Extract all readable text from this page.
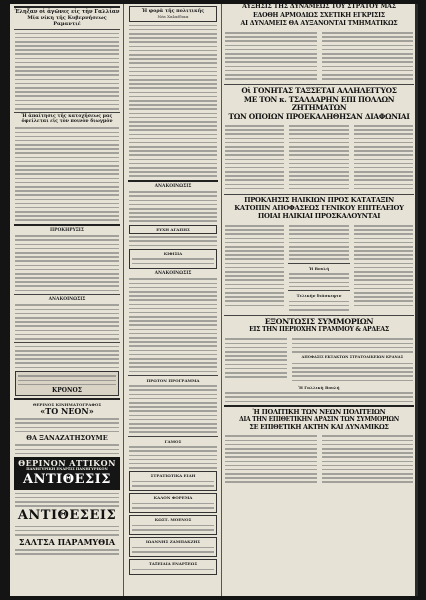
Έληξαν οἱ ἀγῶνες εἰς τὴν Γαλλίαν
Μία νίκη τῆς Κυβερνήσεως Ραμαντιέ
Ἡ ἀπαίτησις τῆς κατοχῆσεως μας ὀφείλεται εἰς τὸν ποινὸν διωγμόν
ΠΡΟΚΗΡΥΞΙΣ
ΑΝΑΚΟΙΝΩΣΙΣ
ΚΡΟΝΟΣ
ΘΕΡΙΝΟΣ ΚΙΝΗΜΑΤΟΓΡΑΦΟΣ
«ΤΟ ΝΕΟΝ»
ΘΑ ΞΑΝΑΖΑΤΗΣΟΥΜΕ
ΘΕΡΙΝΟΝ ΑΤΤΙΚΟΝ
ΠΑΝΗΓΥΡΙΚΗ ΕΝΑΡΞΙΣ ΠΑΝΗΓΥΡΙΚΟΝ
ΑΝΤΙΘΕΣΙΣ
ΑΝΤΙΘΕΣΕΙΣ
ΣΑΛΤΣΑ ΠΑΡΑΜΥΘΙΑ
Ἡ φορὰ τῆς πολιτικῆς
Νέα Χαλκίδικα
ΑΝΑΚΟΙΝΩΣΙΣ
ΕΥΧΗ ΑΓΑΠΗΣ
ΚΙΦΙΣΙΑ
ΑΝΑΚΟΙΝΩΣΙΣ
ΠΡΩΤΟΝ ΠΡΟΓΡΑΜΜΑ
ΓΑΜΟΣ
ΣΤΡΑΤΙΩΤΙΚΑ ΕΙΔΗ
ΚΑΛΟΝ ΦΟΡΕΜΑ
ΚΩΣΤ. ΜΟΕΝΟΣ
ΙΩΑΝΝΗΣ ΖΑΜΠΑΚΖΗΣ
ΤΑΞΕΙΔΙΑ ΕΝΑΡΞΕΩΣ
ΑΥΞΗΣΙΣ ΤΗΣ ΔΥΝΑΜΕΩΣ ΤΟΥ ΣΤΡΑΤΟΥ ΜΑΣ
ΕΔΟΘΗ ΑΡΜΟΔΙΩΣ ΣΧΕΤΙΚΗ ΕΓΚΡΙΣΙΣ
ΑΙ ΔΥΝΑΜΕΙΣ ΘΑ ΑΥΞΑΝΟΝΤΑΙ ΤΜΗΜΑΤΙΚΩΣ
Οἱ ΓΟΝΗΤΑΣ ΤΑΞΣΕΤΑΙ ΑΛΛΗΛΕΓΓΥΟΣ
ΜΕ ΤΟΝ κ. ΤΣΑΛΔΑΡΗΝ ΕΠΙ ΠΟΛΛΩΝ ΖΗΤΗΜΑΤΩΝ
ΤΩΝ ΟΠΟΙΩΝ ΠΡΟΕΚΑΛΗΘΗΣΑΝ ΔΙΑΦΩΝΙΑΙ
ΠΡΟΚΛΗΣΙΣ ΗΛΙΚΙΩΝ ΠΡΟΣ ΚΑΤΑΤΑΞΙΝ
ΚΑΤΟΠΙΝ ΑΠΟΦΑΣΕΩΣ ΓΕΝΙΚΟΥ ΕΠΙΤΕΛΕΙΟΥ
ΠΟΙΑΙ ΗΛΙΚΙΑΙ ΠΡΟΣΚΑΛΟΥΝΤΑΙ
Ἡ Βουλή
Τελικὴν διάσκεψιν
ΕΞΟΝΤΩΣΙΣ ΣΥΜΜΟΡΙΩΝ
ΕΙΣ ΤΗΝ ΠΕΡΙΟΧΗΝ ΓΡΑΜΜΟΥ & ΑΡΔΕΑΣ
ΑΠΟΦΑΣΙΣ ΕΚΤΑΚΤΩΝ ΣΤΡΑΤΟΔΙΚΕΙΩΝ ΚΡΑΝΑΣ
Ἡ Γαλλικὴ Βουλή
Ἡ ΠΟΛΙΤΙΚΗ ΤΩΝ ΝΕΩΝ ΠΟΛΙΤΕΙΩΝ
ΔΙΑ ΤΗΝ ΕΠΙΘΕΤΙΚΗΝ ΔΡΑΣΙΝ ΤΩΝ ΣΥΜΜΟΡΙΩΝ
ΣΕ ΕΠΙΘΕΤΙΚΗ ΑΚΤΗΝ ΚΑΙ ΔΥΝΑΜΙΚΩΣ
